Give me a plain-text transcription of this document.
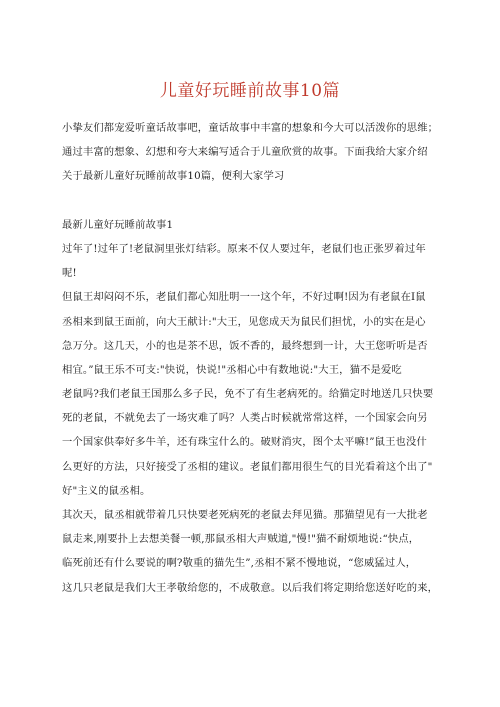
儿童好玩睡前故事10篇
小挚友们都宠爱听童话故事吧，童话故事中丰富的想象和今大可以活泼你的思维；
通过丰富的想象、幻想和夸大来编写适合于儿童欣赏的故事。下面我给大家介绍
关于最新儿童好玩睡前故事10篇，便利大家学习
最新儿童好玩睡前故事1
过年了!过年了!老鼠洞里张灯结彩。原来不仅人要过年，老鼠们也正张罗着过年
呢!
但鼠王却闷闷不乐，老鼠们都心知肚明一一这个年，不好过啊!因为有老鼠在I鼠
丞相来到鼠王面前，向大王献计:"大王，见您成天为鼠民们担忧，小的实在是心
急万分。这几天，小的也是茶不思，饭不香的，最终想到一计，大王您听听是否
相宜。”鼠王乐不可支:"快说，快说!"丞相心中有数地说:"大王，猫不是爱吃
老鼠吗?我们老鼠王国那么多子民，免不了有生老病死的。给猫定时地送几只快要
死的老鼠，不就免去了一场灾难了吗？人类占时候就常常这样，一个国家会向另
一个国家供奉好多牛羊，还有珠宝什么的。破财消灾，图个太平嘛!”鼠王也没什
么更好的方法，只好接受了丞相的建议。老鼠们都用很生气的目光看着这个出了"
好"主义的鼠丞相。
其次天，鼠丞相就带着几只快要老死病死的老鼠去拜见猫。那猫望见有一大批老
鼠走来,刚要扑上去想美餐一顿,那鼠丞相大声贼道,"慢!"猫不耐烦地说:“快点，
临死前还有什么要说的啊?敬重的猫先生”,丞相不紧不慢地说，“您威猛过人，
这几只老鼠是我们大王孝敬给您的，不成敬意。以后我们将定期给您送好吃的来，
